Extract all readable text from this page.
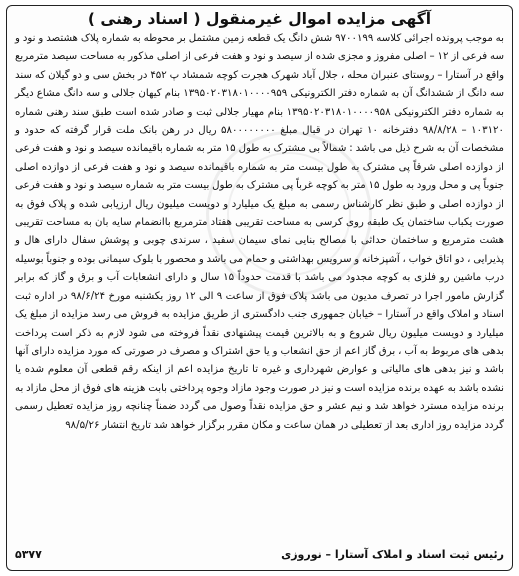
آگهی مزایده اموال غیرمنقول ( اسناد رهنی )

به موجب پرونده اجرائی کلاسه ۹۷۰۰۱۹۹ شش دانگ یک قطعه زمین مشتمل بر محوطه به شماره پلاک هشتصد و نود و سه فرعی از ۱۲ – اصلی مفروز و مجزی شده از سیصد و نود و هفت فرعی از اصلی مذکور به مساحت سیصد مترمربع واقع در آستارا – روستای عنبران محله ، جلال آباد شهرک هجرت کوچه شمشاد پ ۴۵۲ در بخش سی و دو گیلان که سند سه دانگ از ششدانگ آن به شماره دفتر الکترونیکی ۱۳۹۵۰۲۰۳۱۸۰۱۰۰۰۰۹۵۹ بنام کیهان جلالی و سه دانگ مشاع دیگر به شماره دفتر الکترونیکی ۱۳۹۵۰۲۰۳۱۸۰۱۰۰۰۰۹۵۸ بنام مهیار جلالی ثبت و صادر شده است طبق سند رهنی شماره ۱۰۳۱۲۰ – ۹۸/۸/۲۸ دفترخانه ۱۰ تهران در قبال مبلغ ۵۸۰۰۰۰۰۰۰۰ ریال در رهن بانک ملت قرار گرفته که حدود و مشخصات آن به شرح ذیل می باشد : شمالاً بی مشترک به طول ۱۵ متر به شماره باقیمانده سیصد و نود و هفت فرعی از دوازده اصلی شرقاً پی مشترک به طول بیست متر به شماره باقیمانده سیصد و نود و هفت فرعی از دوازده اصلی جنوباً پی و محل ورود به طول ۱۵ متر به کوچه غرباً پی مشترک به طول بیست متر به شماره سیصد و نود و هفت فرعی از دوازده اصلی و طبق نظر کارشناس رسمی به مبلغ یک میلیارد و دویست میلیون ریال ارزیابی شده و پلاک فوق به صورت یکباب ساختمان یک طبقه روی کرسی به مساحت تقریبی هفتاد مترمربع باانضمام سایه بان به مساحت تقریبی هشت مترمربع و ساختمان حداثی با مصالح بنایی نمای سیمان سفید ، سرندی چوبی و پوشش سفال دارای هال و پذیرایی ، دو اتاق خواب ، آشپزخانه و سرویس بهداشتی و حمام می باشد و محصور با بلوک سیمانی بوده و جنوباً بوسیله درب ماشین رو فلزی به کوچه مجدود می باشد با قدمت حدوداً ۱۵ سال و دارای انشعابات آب و برق و گاز که برابر گزارش مامور اجرا در تصرف مدیون می باشد پلاک فوق از ساعت ۹ الی ۱۲ روز یکشنبه مورخ ۹۸/۶/۲۴ در اداره ثبت اسناد و املاک واقع در آستارا – خیابان جمهوری جنب دادگستری از طریق مزایده به فروش می رسد مزایده از مبلغ یک میلیارد و دویست میلیون ریال شروع و به بالاترین قیمت پیشنهادی نقداً فروخته می شود لازم به ذکر است پرداخت بدهی های مربوط به آب ، برق گاز اعم از حق انشعاب و یا حق اشتراک و مصرف در صورتی که مورد مزایده دارای آنها باشد و نیز بدهی های مالیاتی و عوارض شهرداری و غیره تا تاریخ مزایده اعم از اینکه رقم قطعی آن معلوم شده یا نشده باشد به عهده برنده مزایده است و نیز در صورت وجود مازاد وجوه پرداختی بابت هزینه های فوق از محل مازاد به برنده مزایده مسترد خواهد شد و نیم عشر و حق مزایده نقداً وصول می گردد ضمناً چنانچه روز مزایده تعطیل رسمی گردد مزایده روز اداری بعد از تعطیلی در همان ساعت و مکان مقرر برگزار خواهد شد تاریخ انتشار ۹۸/۵/۲۶

رئیس ثبت اسناد و املاک آستارا – نوروزی
۵۳۷۷
